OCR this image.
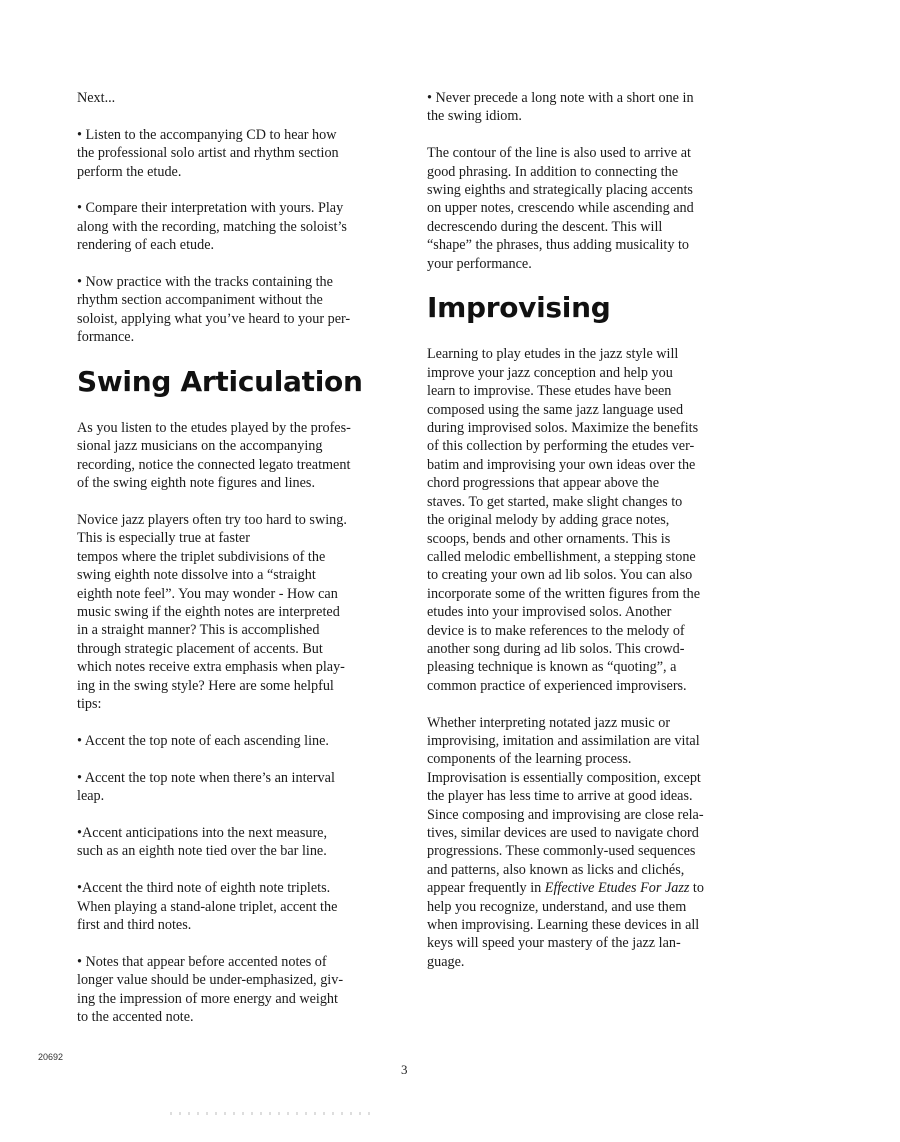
Next...

• Listen to the accompanying CD to hear how
the professional solo artist and rhythm section
perform the etude.

• Compare their interpretation with yours. Play
along with the recording, matching the soloist’s
rendering of each etude.

• Now practice with the tracks containing the
rhythm section accompaniment without the
soloist, applying what you’ve heard to your per-
formance.

Swing Articulation

As you listen to the etudes played by the profes-
sional jazz musicians on the accompanying
recording, notice the connected legato treatment
of the swing eighth note figures and lines.

Novice jazz players often try too hard to swing.
This is especially true at faster
tempos where the triplet subdivisions of the
swing eighth note dissolve into a “straight
eighth note feel”. You may wonder - How can
music swing if the eighth notes are interpreted
in a straight manner? This is accomplished
through strategic placement of accents. But
which notes receive extra emphasis when play-
ing in the swing style? Here are some helpful
tips:

• Accent the top note of each ascending line.

• Accent the top note when there’s an interval
leap.

•Accent anticipations into the next measure,
such as an eighth note tied over the bar line.

•Accent the third note of eighth note triplets.
When playing a stand-alone triplet, accent the
first and third notes.

• Notes that appear before accented notes of
longer value should be under-emphasized, giv-
ing the impression of more energy and weight
to the accented note.

• Never precede a long note with a short one in
the swing idiom.

The contour of the line is also used to arrive at
good phrasing. In addition to connecting the
swing eighths and strategically placing accents
on upper notes, crescendo while ascending and
decrescendo during the descent. This will
“shape” the phrases, thus adding musicality to
your performance.

Improvising

Learning to play etudes in the jazz style will
improve your jazz conception and help you
learn to improvise. These etudes have been
composed using the same jazz language used
during improvised solos. Maximize the benefits
of this collection by performing the etudes ver-
batim and improvising your own ideas over the
chord progressions that appear above the
staves. To get started, make slight changes to
the original melody by adding grace notes,
scoops, bends and other ornaments. This is
called melodic embellishment, a stepping stone
to creating your own ad lib solos. You can also
incorporate some of the written figures from the
etudes into your improvised solos. Another
device is to make references to the melody of
another song during ad lib solos. This crowd-
pleasing technique is known as “quoting”, a
common practice of experienced improvisers.

Whether interpreting notated jazz music or
improvising, imitation and assimilation are vital
components of the learning process.
Improvisation is essentially composition, except
the player has less time to arrive at good ideas.
Since composing and improvising are close rela-
tives, similar devices are used to navigate chord
progressions. These commonly-used sequences
and patterns, also known as licks and clichés,
appear frequently in Effective Etudes For Jazz to
help you recognize, understand, and use them
when improvising. Learning these devices in all
keys will speed your mastery of the jazz lan-
guage.

20692
3
